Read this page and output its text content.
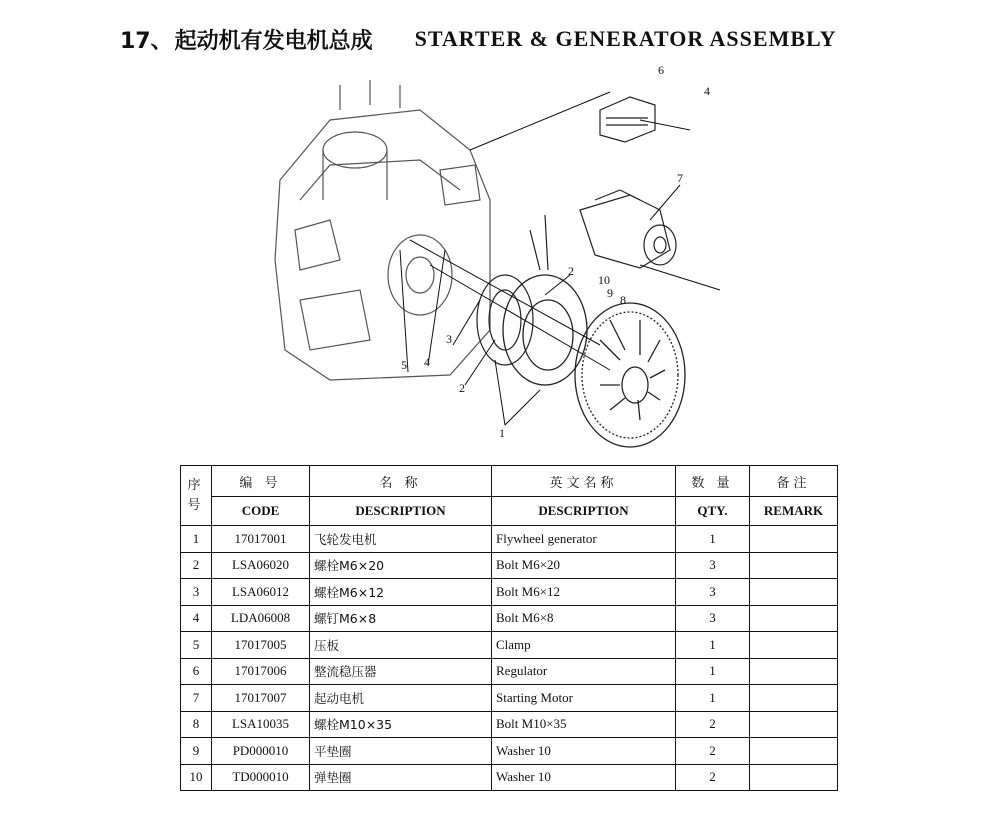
17、 起动机有发电机总成 STARTER & GENERATOR ASSEMBLY
6
4
7
2
10
9 8
5 4
3
2
1
序
号	编 号	名 称	英文名称	数 量	备注
	CODE	DESCRIPTION	DESCRIPTION	QTY.	REMARK
1	17017001	飞轮发电机	Flywheel generator	1	
2	LSA06020	螺栓M6×20	Bolt M6×20	3	
3	LSA06012	螺栓M6×12	Bolt M6×12	3	
4	LDA06008	螺钉M6×8	Bolt M6×8	3	
5	17017005	压板	Clamp	1	
6	17017006	整流稳压器	Regulator	1	
7	17017007	起动电机	Starting Motor	1	
8	LSA10035	螺栓M10×35	Bolt M10×35	2	
9	PD000010	平垫圈	Washer 10	2	
10	TD000010	弹垫圈	Washer 10	2	
